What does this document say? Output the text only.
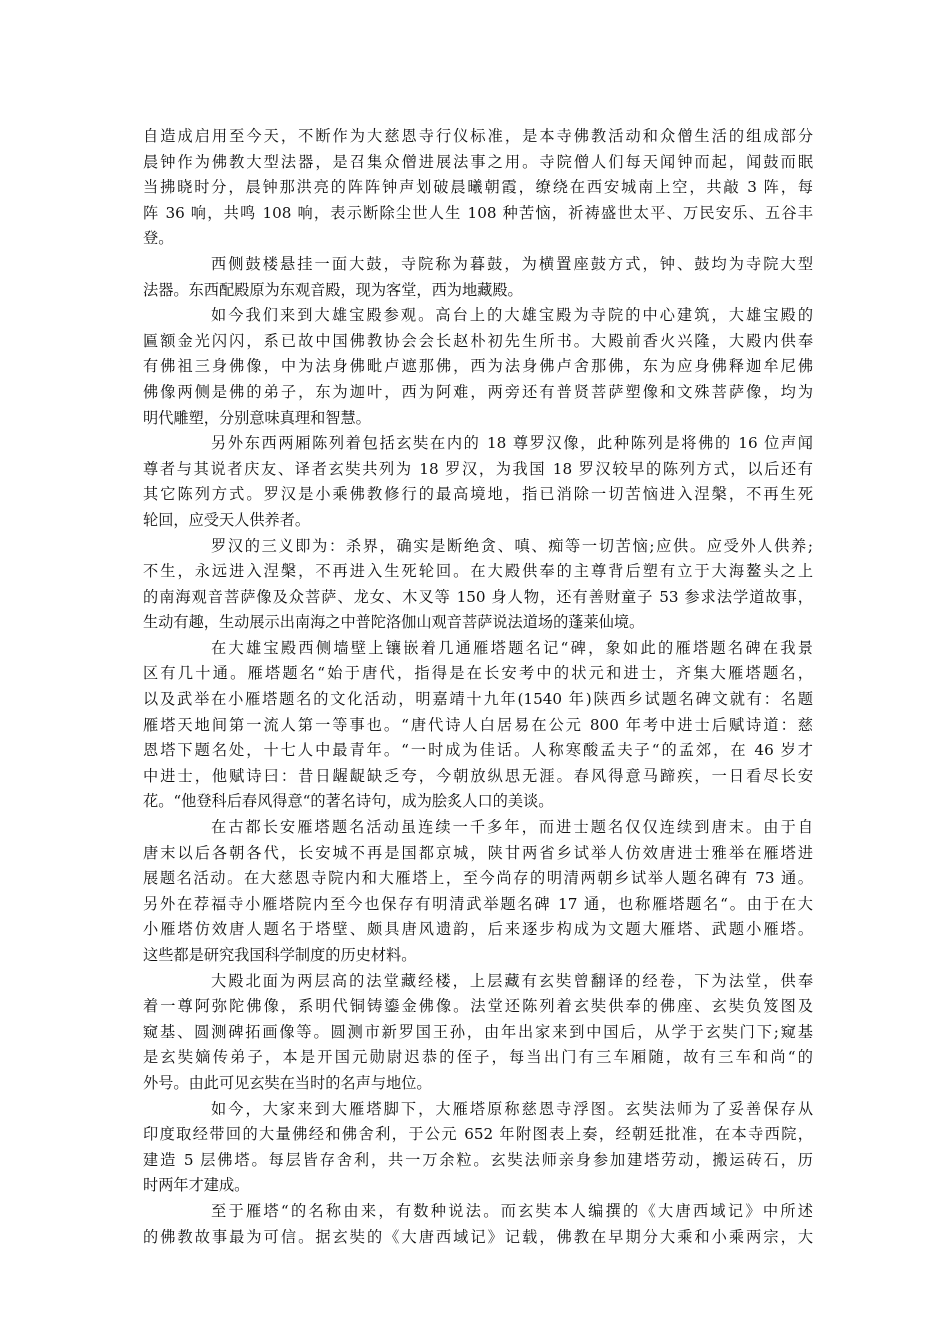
自造成启用至今天，不断作为大慈恩寺行仪标准，是本寺佛教活动和众僧生活的组成部分
晨钟作为佛教大型法器，是召集众僧进展法事之用。寺院僧人们每天闻钟而起，闻鼓而眠
当拂晓时分，晨钟那洪亮的阵阵钟声划破晨曦朝霞，缭绕在西安城南上空，共敲 3 阵，每
阵 36 响，共鸣 108 响，表示断除尘世人生 108 种苦恼，祈祷盛世太平、万民安乐、五谷丰
登。
西侧鼓楼悬挂一面大鼓，寺院称为暮鼓，为横置座鼓方式，钟、鼓均为寺院大型
法器。东西配殿原为东观音殿，现为客堂，西为地藏殿。
如今我们来到大雄宝殿参观。高台上的大雄宝殿为寺院的中心建筑，大雄宝殿的
匾额金光闪闪，系已故中国佛教协会会长赵朴初先生所书。大殿前香火兴隆，大殿内供奉
有佛祖三身佛像，中为法身佛毗卢遮那佛，西为法身佛卢舍那佛，东为应身佛释迦牟尼佛
佛像两侧是佛的弟子，东为迦叶，西为阿难，两旁还有普贤菩萨塑像和文殊菩萨像，均为
明代雕塑，分别意味真理和智慧。
另外东西两厢陈列着包括玄奘在内的 18 尊罗汉像，此种陈列是将佛的 16 位声闻
尊者与其说者庆友、译者玄奘共列为 18 罗汉，为我国 18 罗汉较早的陈列方式，以后还有
其它陈列方式。罗汉是小乘佛教修行的最高境地，指已消除一切苦恼进入涅槃，不再生死
轮回，应受天人供养者。
罗汉的三义即为：杀界，确实是断绝贪、嗔、痴等一切苦恼;应供。应受外人供养;
不生，永远进入涅槃，不再进入生死轮回。在大殿供奉的主尊背后塑有立于大海鳌头之上
的南海观音菩萨像及众菩萨、龙女、木叉等 150 身人物，还有善财童子 53 参求法学道故事，
生动有趣，生动展示出南海之中普陀洛伽山观音菩萨说法道场的蓬莱仙境。
在大雄宝殿西侧墙壁上镶嵌着几通雁塔题名记“碑，象如此的雁塔题名碑在我景
区有几十通。雁塔题名“始于唐代，指得是在长安考中的状元和进士，齐集大雁塔题名，
以及武举在小雁塔题名的文化活动，明嘉靖十九年(1540 年)陕西乡试题名碑文就有：名题
雁塔天地间第一流人第一等事也。“唐代诗人白居易在公元 800 年考中进士后赋诗道：慈
恩塔下题名处，十七人中最青年。“一时成为佳话。人称寒酸孟夫子“的孟郊，在 46 岁才
中进士，他赋诗曰：昔日龌龊缺乏夸，今朝放纵思无涯。春风得意马蹄疾，一日看尽长安
花。“他登科后春风得意“的著名诗句，成为脍炙人口的美谈。
在古都长安雁塔题名活动虽连续一千多年，而进士题名仅仅连续到唐末。由于自
唐末以后各朝各代，长安城不再是国都京城，陕甘两省乡试举人仿效唐进士雅举在雁塔进
展题名活动。在大慈恩寺院内和大雁塔上，至今尚存的明清两朝乡试举人题名碑有 73 通。
另外在荐福寺小雁塔院内至今也保存有明清武举题名碑 17 通，也称雁塔题名“。由于在大
小雁塔仿效唐人题名于塔壁、颇具唐风遗韵，后来逐步构成为文题大雁塔、武题小雁塔。
这些都是研究我国科学制度的历史材料。
大殿北面为两层高的法堂藏经楼，上层藏有玄奘曾翻译的经卷，下为法堂，供奉
着一尊阿弥陀佛像，系明代铜铸鎏金佛像。法堂还陈列着玄奘供奉的佛座、玄奘负笈图及
窥基、圆测碑拓画像等。圆测市新罗国王孙，由年出家来到中国后，从学于玄奘门下;窥基
是玄奘嫡传弟子，本是开国元勋尉迟恭的侄子，每当出门有三车厢随，故有三车和尚“的
外号。由此可见玄奘在当时的名声与地位。
如今，大家来到大雁塔脚下，大雁塔原称慈恩寺浮图。玄奘法师为了妥善保存从
印度取经带回的大量佛经和佛舍利，于公元 652 年附图表上奏，经朝廷批准，在本寺西院，
建造 5 层佛塔。每层皆存舍利，共一万余粒。玄奘法师亲身参加建塔劳动，搬运砖石，历
时两年才建成。
至于雁塔“的名称由来，有数种说法。而玄奘本人编撰的《大唐西域记》中所述
的佛教故事最为可信。据玄奘的《大唐西域记》记载，佛教在早期分大乘和小乘两宗，大
